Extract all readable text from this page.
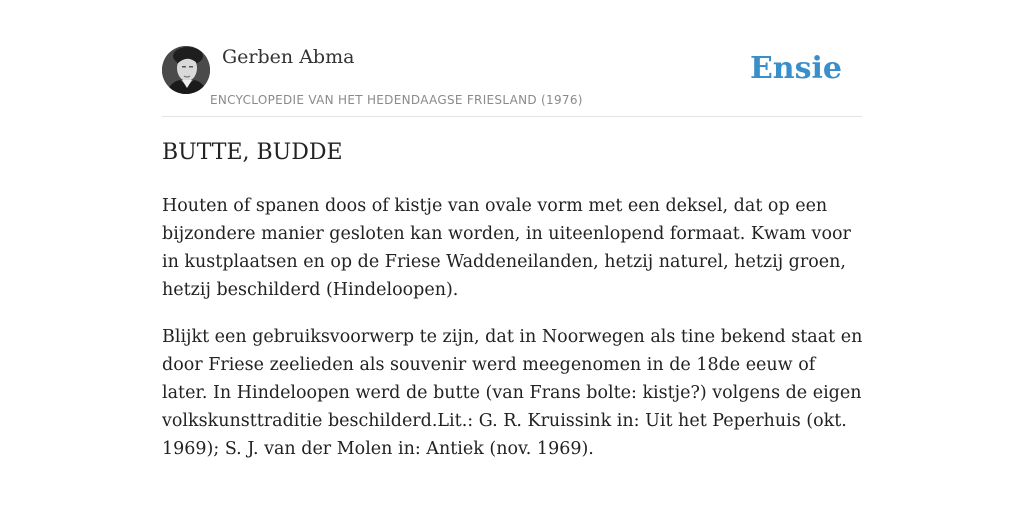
Gerben Abma
ENCYCLOPEDIE VAN HET HEDENDAAGSE FRIESLAND (1976)
Ensie
BUTTE, BUDDE

Houten of spanen doos of kistje van ovale vorm met een deksel, dat op een bijzondere manier gesloten kan worden, in uiteenlopend formaat. Kwam voor in kustplaatsen en op de Friese Waddeneilanden, hetzij naturel, hetzij groen, hetzij beschilderd (Hindeloopen).

Blijkt een gebruiksvoorwerp te zijn, dat in Noorwegen als tine bekend staat en door Friese zeelieden als souvenir werd meegenomen in de 18de eeuw of later. In Hindeloopen werd de butte (van Frans bolte: kistje?) volgens de eigen volkskunsttraditie beschilderd.Lit.: G. R. Kruissink in: Uit het Peperhuis (okt. 1969); S. J. van der Molen in: Antiek (nov. 1969).
